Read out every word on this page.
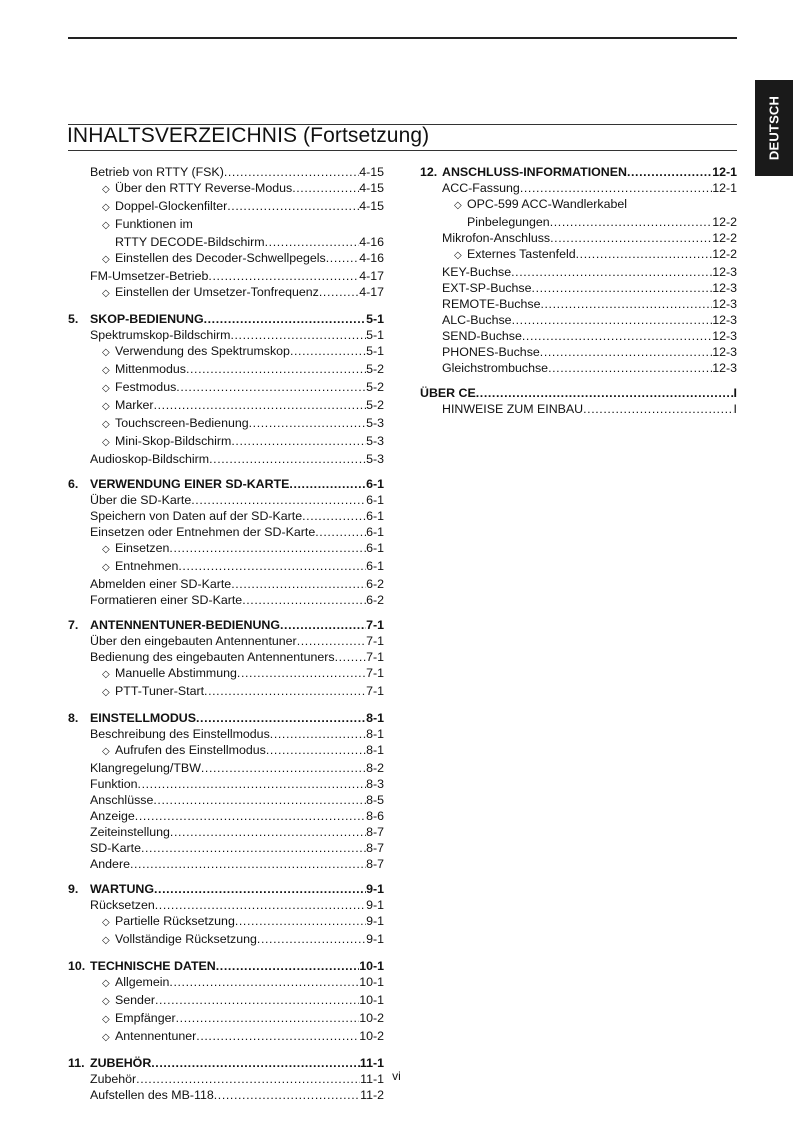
DEUTSCH
INHALTSVERZEICHNIS (Fortsetzung)
Betrieb von RTTY (FSK) .....	4-15
◇ Über den RTTY Reverse-Modus .....	4-15
◇ Doppel-Glockenfilter .....	4-15
◇ Funktionen im
RTTY DECODE-Bildschirm .....	4-16
◇ Einstellen des Decoder-Schwellpegels .....	4-16
FM-Umsetzer-Betrieb .....	4-17
◇ Einstellen der Umsetzer-Tonfrequenz .....	4-17
5. SKOP-BEDIENUNG .....	5-1
Spektrumskop-Bildschirm .....	5-1
◇ Verwendung des Spektrumskop .....	5-1
◇ Mittenmodus .....	5-2
◇ Festmodus .....	5-2
◇ Marker .....	5-2
◇ Touchscreen-Bedienung .....	5-3
◇ Mini-Skop-Bildschirm .....	5-3
Audioskop-Bildschirm .....	5-3
6. VERWENDUNG EINER SD-KARTE .....	6-1
Über die SD-Karte .....	6-1
Speichern von Daten auf der SD-Karte .....	6-1
Einsetzen oder Entnehmen der SD-Karte .....	6-1
◇ Einsetzen .....	6-1
◇ Entnehmen .....	6-1
Abmelden einer SD-Karte .....	6-2
Formatieren einer SD-Karte .....	6-2
7. ANTENNENTUNER-BEDIENUNG .....	7-1
Über den eingebauten Antennentuner .....	7-1
Bedienung des eingebauten Antennentuners .....	7-1
◇ Manuelle Abstimmung .....	7-1
◇ PTT-Tuner-Start .....	7-1
8. EINSTELLMODUS .....	8-1
Beschreibung des Einstellmodus .....	8-1
◇ Aufrufen des Einstellmodus .....	8-1
Klangregelung/TBW .....	8-2
Funktion .....	8-3
Anschlüsse .....	8-5
Anzeige .....	8-6
Zeiteinstellung .....	8-7
SD-Karte .....	8-7
Andere .....	8-7
9. WARTUNG .....	9-1
Rücksetzen .....	9-1
◇ Partielle Rücksetzung .....	9-1
◇ Vollständige Rücksetzung .....	9-1
10. TECHNISCHE DATEN .....	10-1
◇ Allgemein .....	10-1
◇ Sender .....	10-1
◇ Empfänger .....	10-2
◇ Antennentuner .....	10-2
11. ZUBEHÖR .....	11-1
Zubehör .....	11-1
Aufstellen des MB-118 .....	11-2
12. ANSCHLUSS-INFORMATIONEN .....	12-1
ACC-Fassung .....	12-1
◇ OPC-599 ACC-Wandlerkabel
Pinbelegungen .....	12-2
Mikrofon-Anschluss .....	12-2
◇ Externes Tastenfeld .....	12-2
KEY-Buchse .....	12-3
EXT-SP-Buchse .....	12-3
REMOTE-Buchse .....	12-3
ALC-Buchse .....	12-3
SEND-Buchse .....	12-3
PHONES-Buchse .....	12-3
Gleichstrombuchse .....	12-3
ÜBER CE .....	I
HINWEISE ZUM EINBAU .....	I
vi
